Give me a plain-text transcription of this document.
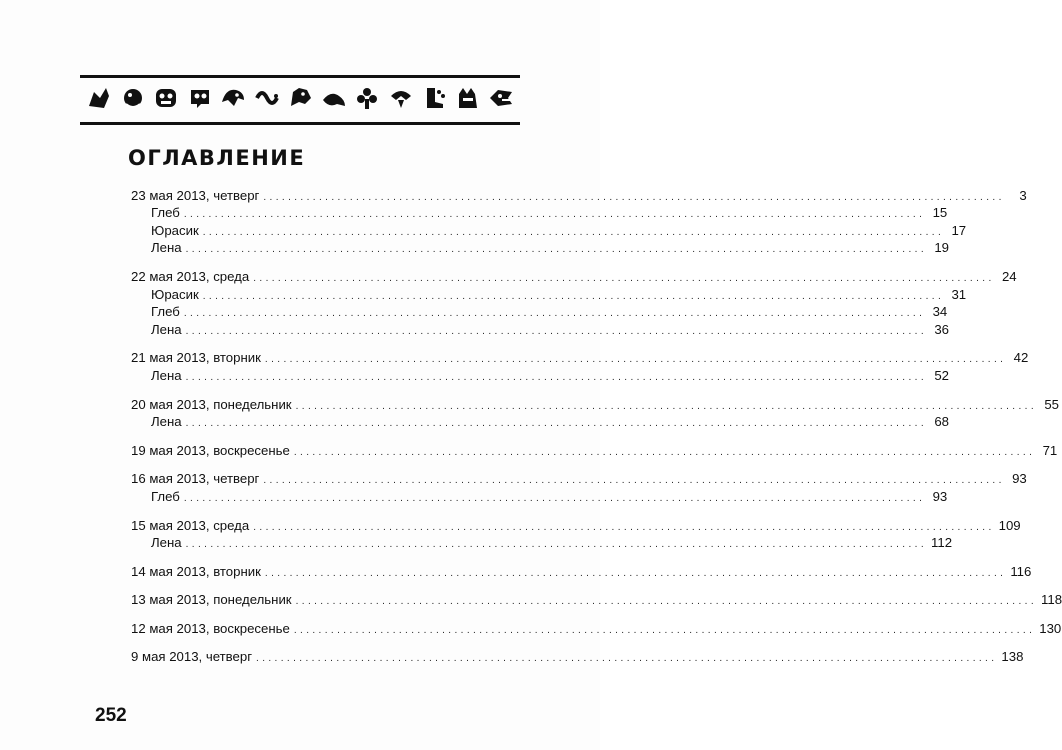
ОГЛАВЛЕНИЕ
23 мая 2013, четверг ........................................................................................................................	3
Глеб ........................................................................................................................ 15
Юрасик ........................................................................................................................ 17
Лена ........................................................................................................................ 19
22 мая 2013, среда ........................................................................................................................ 24
Юрасик ........................................................................................................................ 31
Глеб ........................................................................................................................ 34
Лена ........................................................................................................................ 36
21 мая 2013, вторник ........................................................................................................................ 42
Лена ........................................................................................................................ 52
20 мая 2013, понедельник ........................................................................................................................ 55
Лена ........................................................................................................................ 68
19 мая 2013, воскресенье ........................................................................................................................ 71
16 мая 2013, четверг ........................................................................................................................ 93
Глеб ........................................................................................................................ 93
15 мая 2013, среда ........................................................................................................................ 109
Лена ........................................................................................................................ 112
14 мая 2013, вторник ........................................................................................................................ 116
13 мая 2013, понедельник ........................................................................................................................ 118
12 мая 2013, воскресенье ........................................................................................................................ 130
9 мая 2013, четверг ........................................................................................................................ 138
252
